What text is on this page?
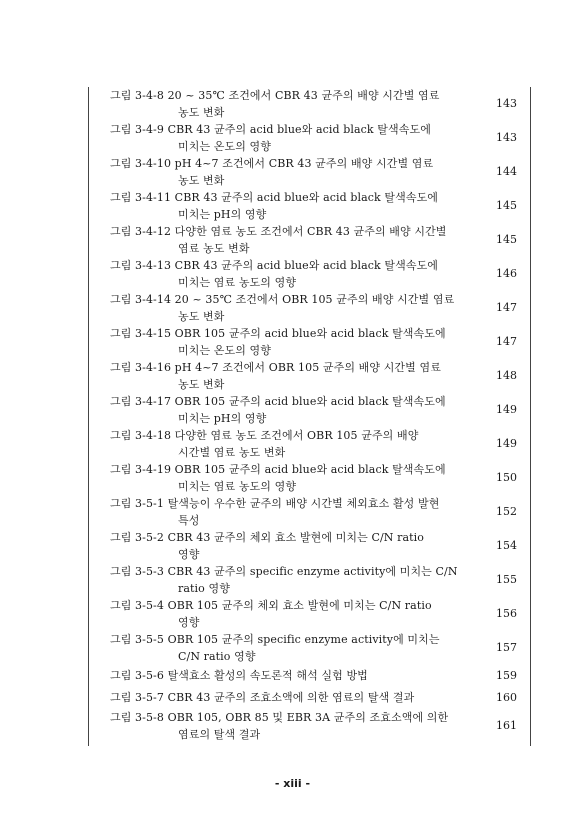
그림 3-4-8 20 ~ 35℃ 조건에서 CBR 43 균주의 배양 시간별 염료
농도 변화
143
그림 3-4-9 CBR 43 균주의 acid blue와 acid black 탈색속도에
미치는 온도의 영향
143
그림 3-4-10 pH 4~7 조건에서 CBR 43 균주의 배양 시간별 염료
농도 변화
144
그림 3-4-11 CBR 43 균주의 acid blue와 acid black 탈색속도에
미치는 pH의 영향
145
그림 3-4-12 다양한 염료 농도 조건에서 CBR 43 균주의 배양 시간별
염료 농도 변화
145
그림 3-4-13 CBR 43 균주의 acid blue와 acid black 탈색속도에
미치는 염료 농도의 영향
146
그림 3-4-14 20 ~ 35℃ 조건에서 OBR 105 균주의 배양 시간별 염료
농도 변화
147
그림 3-4-15 OBR 105 균주의 acid blue와 acid black 탈색속도에
미치는 온도의 영향
147
그림 3-4-16 pH 4~7 조건에서 OBR 105 균주의 배양 시간별 염료
농도 변화
148
그림 3-4-17 OBR 105 균주의 acid blue와 acid black 탈색속도에
미치는 pH의 영향
149
그림 3-4-18 다양한 염료 농도 조건에서 OBR 105 균주의 배양
시간별 염료 농도 변화
149
그림 3-4-19 OBR 105 균주의 acid blue와 acid black 탈색속도에
미치는 염료 농도의 영향
150
그림 3-5-1 탈색능이 우수한 균주의 배양 시간별 체외효소 활성 발현
특성
152
그림 3-5-2 CBR 43 균주의 체외 효소 발현에 미치는 C/N ratio
영향
154
그림 3-5-3 CBR 43 균주의 specific enzyme activity에 미치는 C/N
ratio 영향
155
그림 3-5-4 OBR 105 균주의 체외 효소 발현에 미치는 C/N ratio
영향
156
그림 3-5-5 OBR 105 균주의 specific enzyme activity에 미치는
C/N ratio 영향
157
그림 3-5-6 탈색효소 활성의 속도론적 해석 실험 방법	159
그림 3-5-7 CBR 43 균주의 조효소액에 의한 염료의 탈색 결과	160
그림 3-5-8 OBR 105, OBR 85 및 EBR 3A 균주의 조효소액에 의한
염료의 탈색 결과
161
- xiii -
